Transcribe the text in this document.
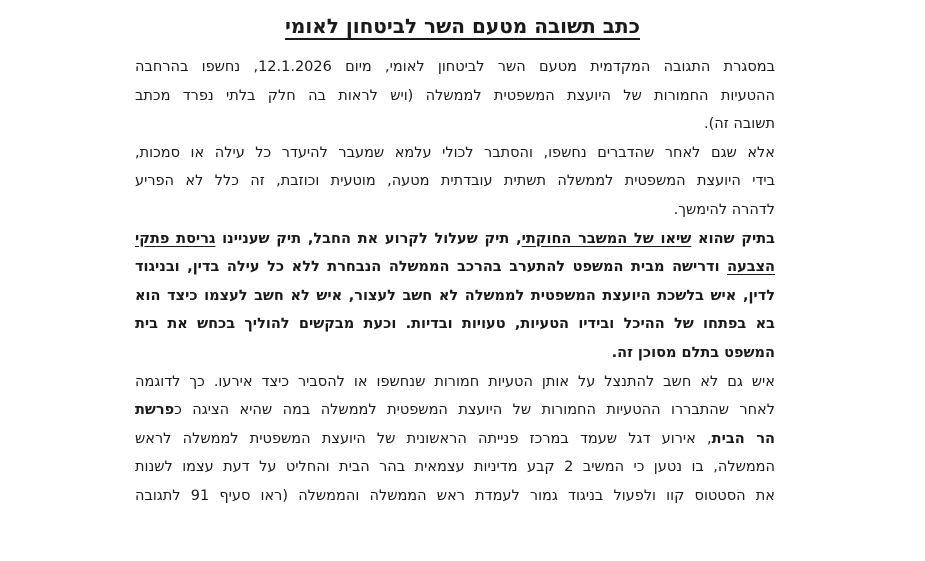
כתב תשובה מטעם השר לביטחון לאומי
במסגרת התגובה המקדמית מטעם השר לביטחון לאומי, מיום 12.1.2026, נחשפו בהרחבה
ההטעיות החמורות של היועצת המשפטית לממשלה (ויש לראות בה חלק בלתי נפרד מכתב
תשובה זה).
אלא שגם לאחר שהדברים נחשפו, והסתבר לכולי עלמא שמעבר להיעדר כל עילה או סמכות,
בידי היועצת המשפטית לממשלה תשתית עובדתית מטעה, מוטעית וכוזבת, זה כלל לא הפריע
לדהרה להימשך.
בתיק שהוא שיאו של המשבר החוקתי, תיק שעלול לקרוע את החבל, תיק שעניינו גריסת פתקי
הצבעה ודרישה מבית המשפט להתערב בהרכב הממשלה הנבחרת ללא כל עילה בדין, ובניגוד
לדין, איש בלשכת היועצת המשפטית לממשלה לא חשב לעצור, איש לא חשב לעצמו כיצד הוא
בא בפתחו של ההיכל ובידיו הטעיות, טעויות ובדיות. וכעת מבקשים להוליך בכחש את בית
המשפט בתלם מסוכן זה.
איש גם לא חשב להתנצל על אותן הטעיות חמורות שנחשפו או להסביר כיצד אירעו. כך לדוגמה
לאחר שהתבררו ההטעיות החמורות של היועצת המשפטית לממשלה במה שהיא הציגה כפרשת
הר הבית, אירוע דגל שעמד במרכז פנייתה הראשונית של היועצת המשפטית לממשלה לראש
הממשלה, בו נטען כי המשיב 2 קבע מדיניות עצמאית בהר הבית והחליט על דעת עצמו לשנות
את הסטטוס קוו ולפעול בניגוד גמור לעמדת ראש הממשלה והממשלה (ראו סעיף 91 לתגובה
